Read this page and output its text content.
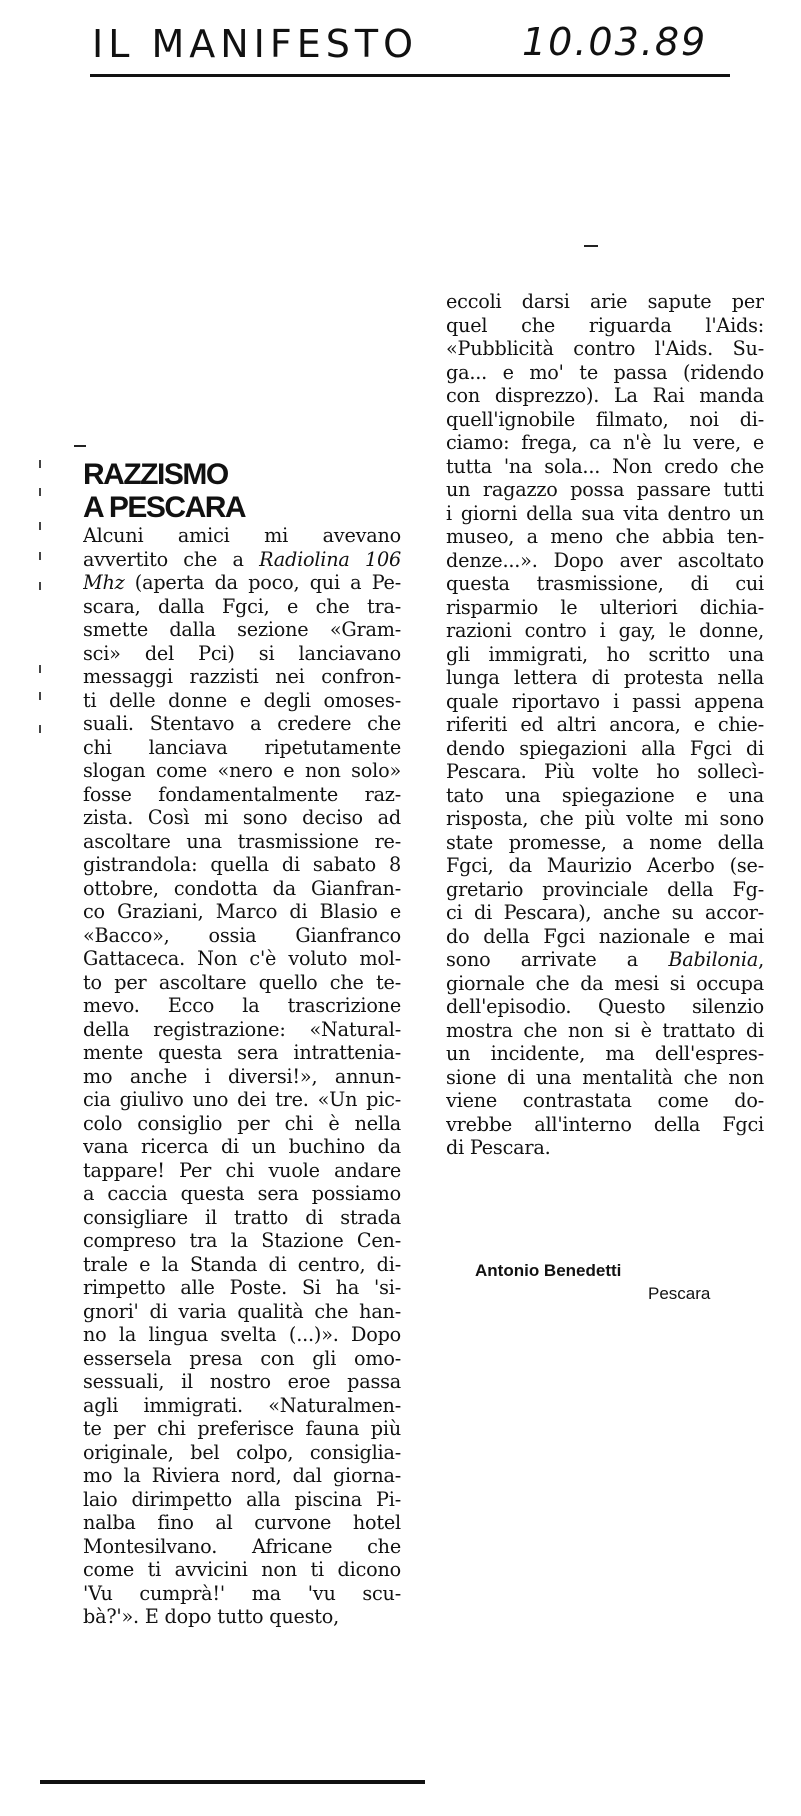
IL MANIFESTO	10.03.89
RAZZISMO
A PESCARA
Alcuni amici mi avevano
avvertito che a Radiolina 106
Mhz (aperta da poco, qui a Pe-
scara, dalla Fgci, e che tra-
smette dalla sezione «Gram-
sci» del Pci) si lanciavano
messaggi razzisti nei confron-
ti delle donne e degli omoses-
suali. Stentavo a credere che
chi lanciava ripetutamente
slogan come «nero e non solo»
fosse fondamentalmente raz-
zista. Così mi sono deciso ad
ascoltare una trasmissione re-
gistrandola: quella di sabato 8
ottobre, condotta da Gianfran-
co Graziani, Marco di Blasio e
«Bacco», ossia Gianfranco
Gattaceca. Non c'è voluto mol-
to per ascoltare quello che te-
mevo. Ecco la trascrizione
della registrazione: «Natural-
mente questa sera intrattenia-
mo anche i diversi!», annun-
cia giulivo uno dei tre. «Un pic-
colo consiglio per chi è nella
vana ricerca di un buchino da
tappare! Per chi vuole andare
a caccia questa sera possiamo
consigliare il tratto di strada
compreso tra la Stazione Cen-
trale e la Standa di centro, di-
rimpetto alle Poste. Si ha 'si-
gnori' di varia qualità che han-
no la lingua svelta (...)». Dopo
essersela presa con gli omo-
sessuali, il nostro eroe passa
agli immigrati. «Naturalmen-
te per chi preferisce fauna più
originale, bel colpo, consiglia-
mo la Riviera nord, dal giorna-
laio dirimpetto alla piscina Pi-
nalba fino al curvone hotel
Montesilvano. Africane che
come ti avvicini non ti dicono
'Vu cumprà!' ma 'vu scu-
bà?'». E dopo tutto questo,
eccoli darsi arie sapute per
quel che riguarda l'Aids:
«Pubblicità contro l'Aids. Su-
ga... e mo' te passa (ridendo
con disprezzo). La Rai manda
quell'ignobile filmato, noi di-
ciamo: frega, ca n'è lu vere, e
tutta 'na sola... Non credo che
un ragazzo possa passare tutti
i giorni della sua vita dentro un
museo, a meno che abbia ten-
denze...». Dopo aver ascoltato
questa trasmissione, di cui
risparmio le ulteriori dichia-
razioni contro i gay, le donne,
gli immigrati, ho scritto una
lunga lettera di protesta nella
quale riportavo i passi appena
riferiti ed altri ancora, e chie-
dendo spiegazioni alla Fgci di
Pescara. Più volte ho sollecì-
tato una spiegazione e una
risposta, che più volte mi sono
state promesse, a nome della
Fgci, da Maurizio Acerbo (se-
gretario provinciale della Fg-
ci di Pescara), anche su accor-
do della Fgci nazionale e mai
sono arrivate a Babilonia,
giornale che da mesi si occupa
dell'episodio. Questo silenzio
mostra che non si è trattato di
un incidente, ma dell'espres-
sione di una mentalità che non
viene contrastata come do-
vrebbe all'interno della Fgci
di Pescara.
Antonio Benedetti
Pescara
